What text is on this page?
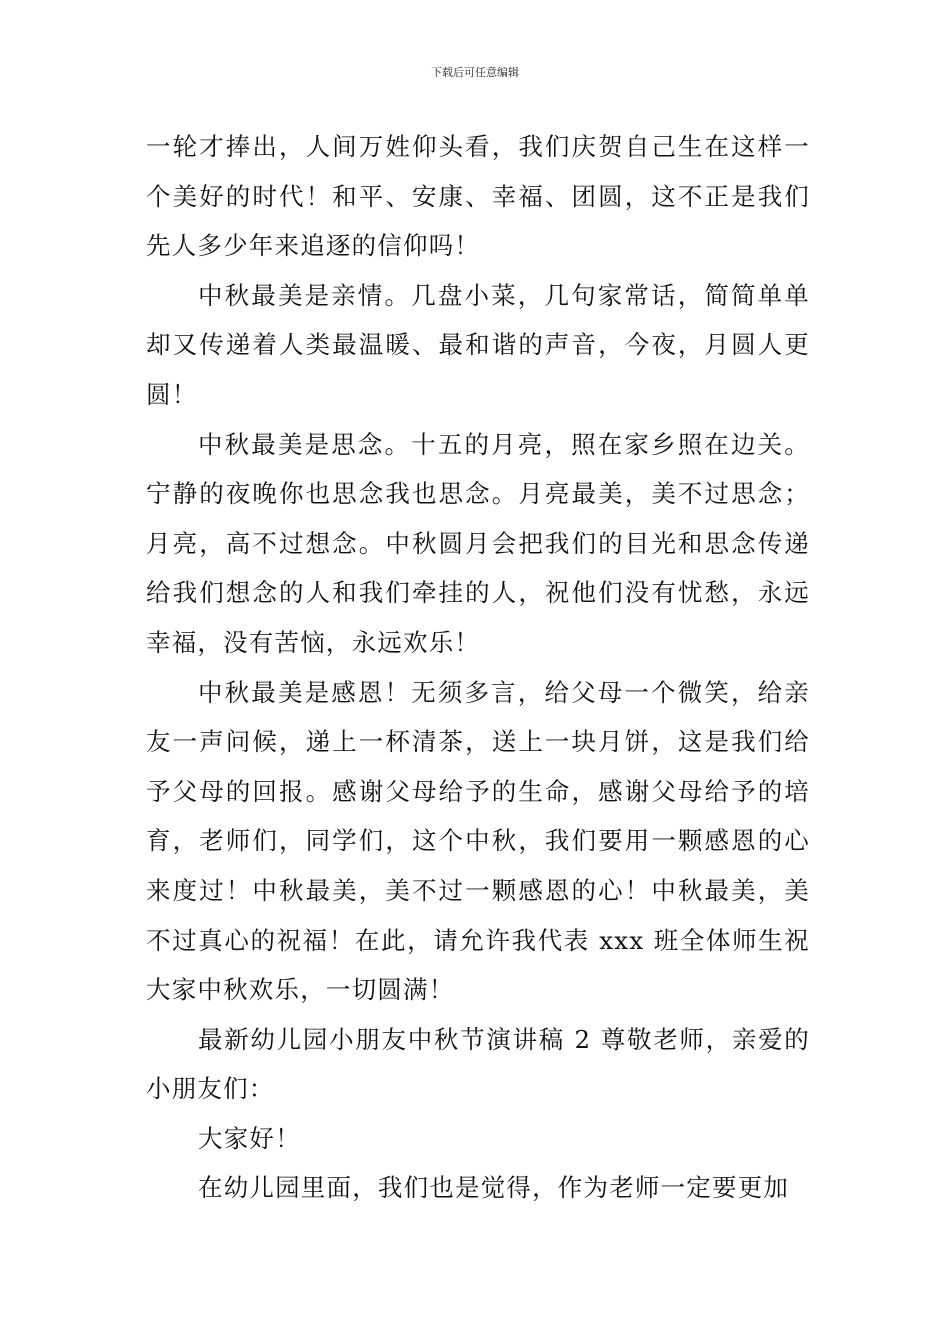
下载后可任意编辑

一轮才捧出，人间万姓仰头看，我们庆贺自己生在这样一个美好的时代！和平、安康、幸福、团圆，这不正是我们先人多少年来追逐的信仰吗！

中秋最美是亲情。几盘小菜，几句家常话，简简单单却又传递着人类最温暖、最和谐的声音，今夜，月圆人更圆！

中秋最美是思念。十五的月亮，照在家乡照在边关。宁静的夜晚你也思念我也思念。月亮最美，美不过思念；月亮，高不过想念。中秋圆月会把我们的目光和思念传递给我们想念的人和我们牵挂的人，祝他们没有忧愁，永远幸福，没有苦恼，永远欢乐！

中秋最美是感恩！无须多言，给父母一个微笑，给亲友一声问候，递上一杯清茶，送上一块月饼，这是我们给予父母的回报。感谢父母给予的生命，感谢父母给予的培育，老师们，同学们，这个中秋，我们要用一颗感恩的心来度过！中秋最美，美不过一颗感恩的心！中秋最美，美不过真心的祝福！在此，请允许我代表 xxx 班全体师生祝大家中秋欢乐，一切圆满！

最新幼儿园小朋友中秋节演讲稿 2 尊敬老师，亲爱的小朋友们：

大家好！

在幼儿园里面，我们也是觉得，作为老师一定要更加
